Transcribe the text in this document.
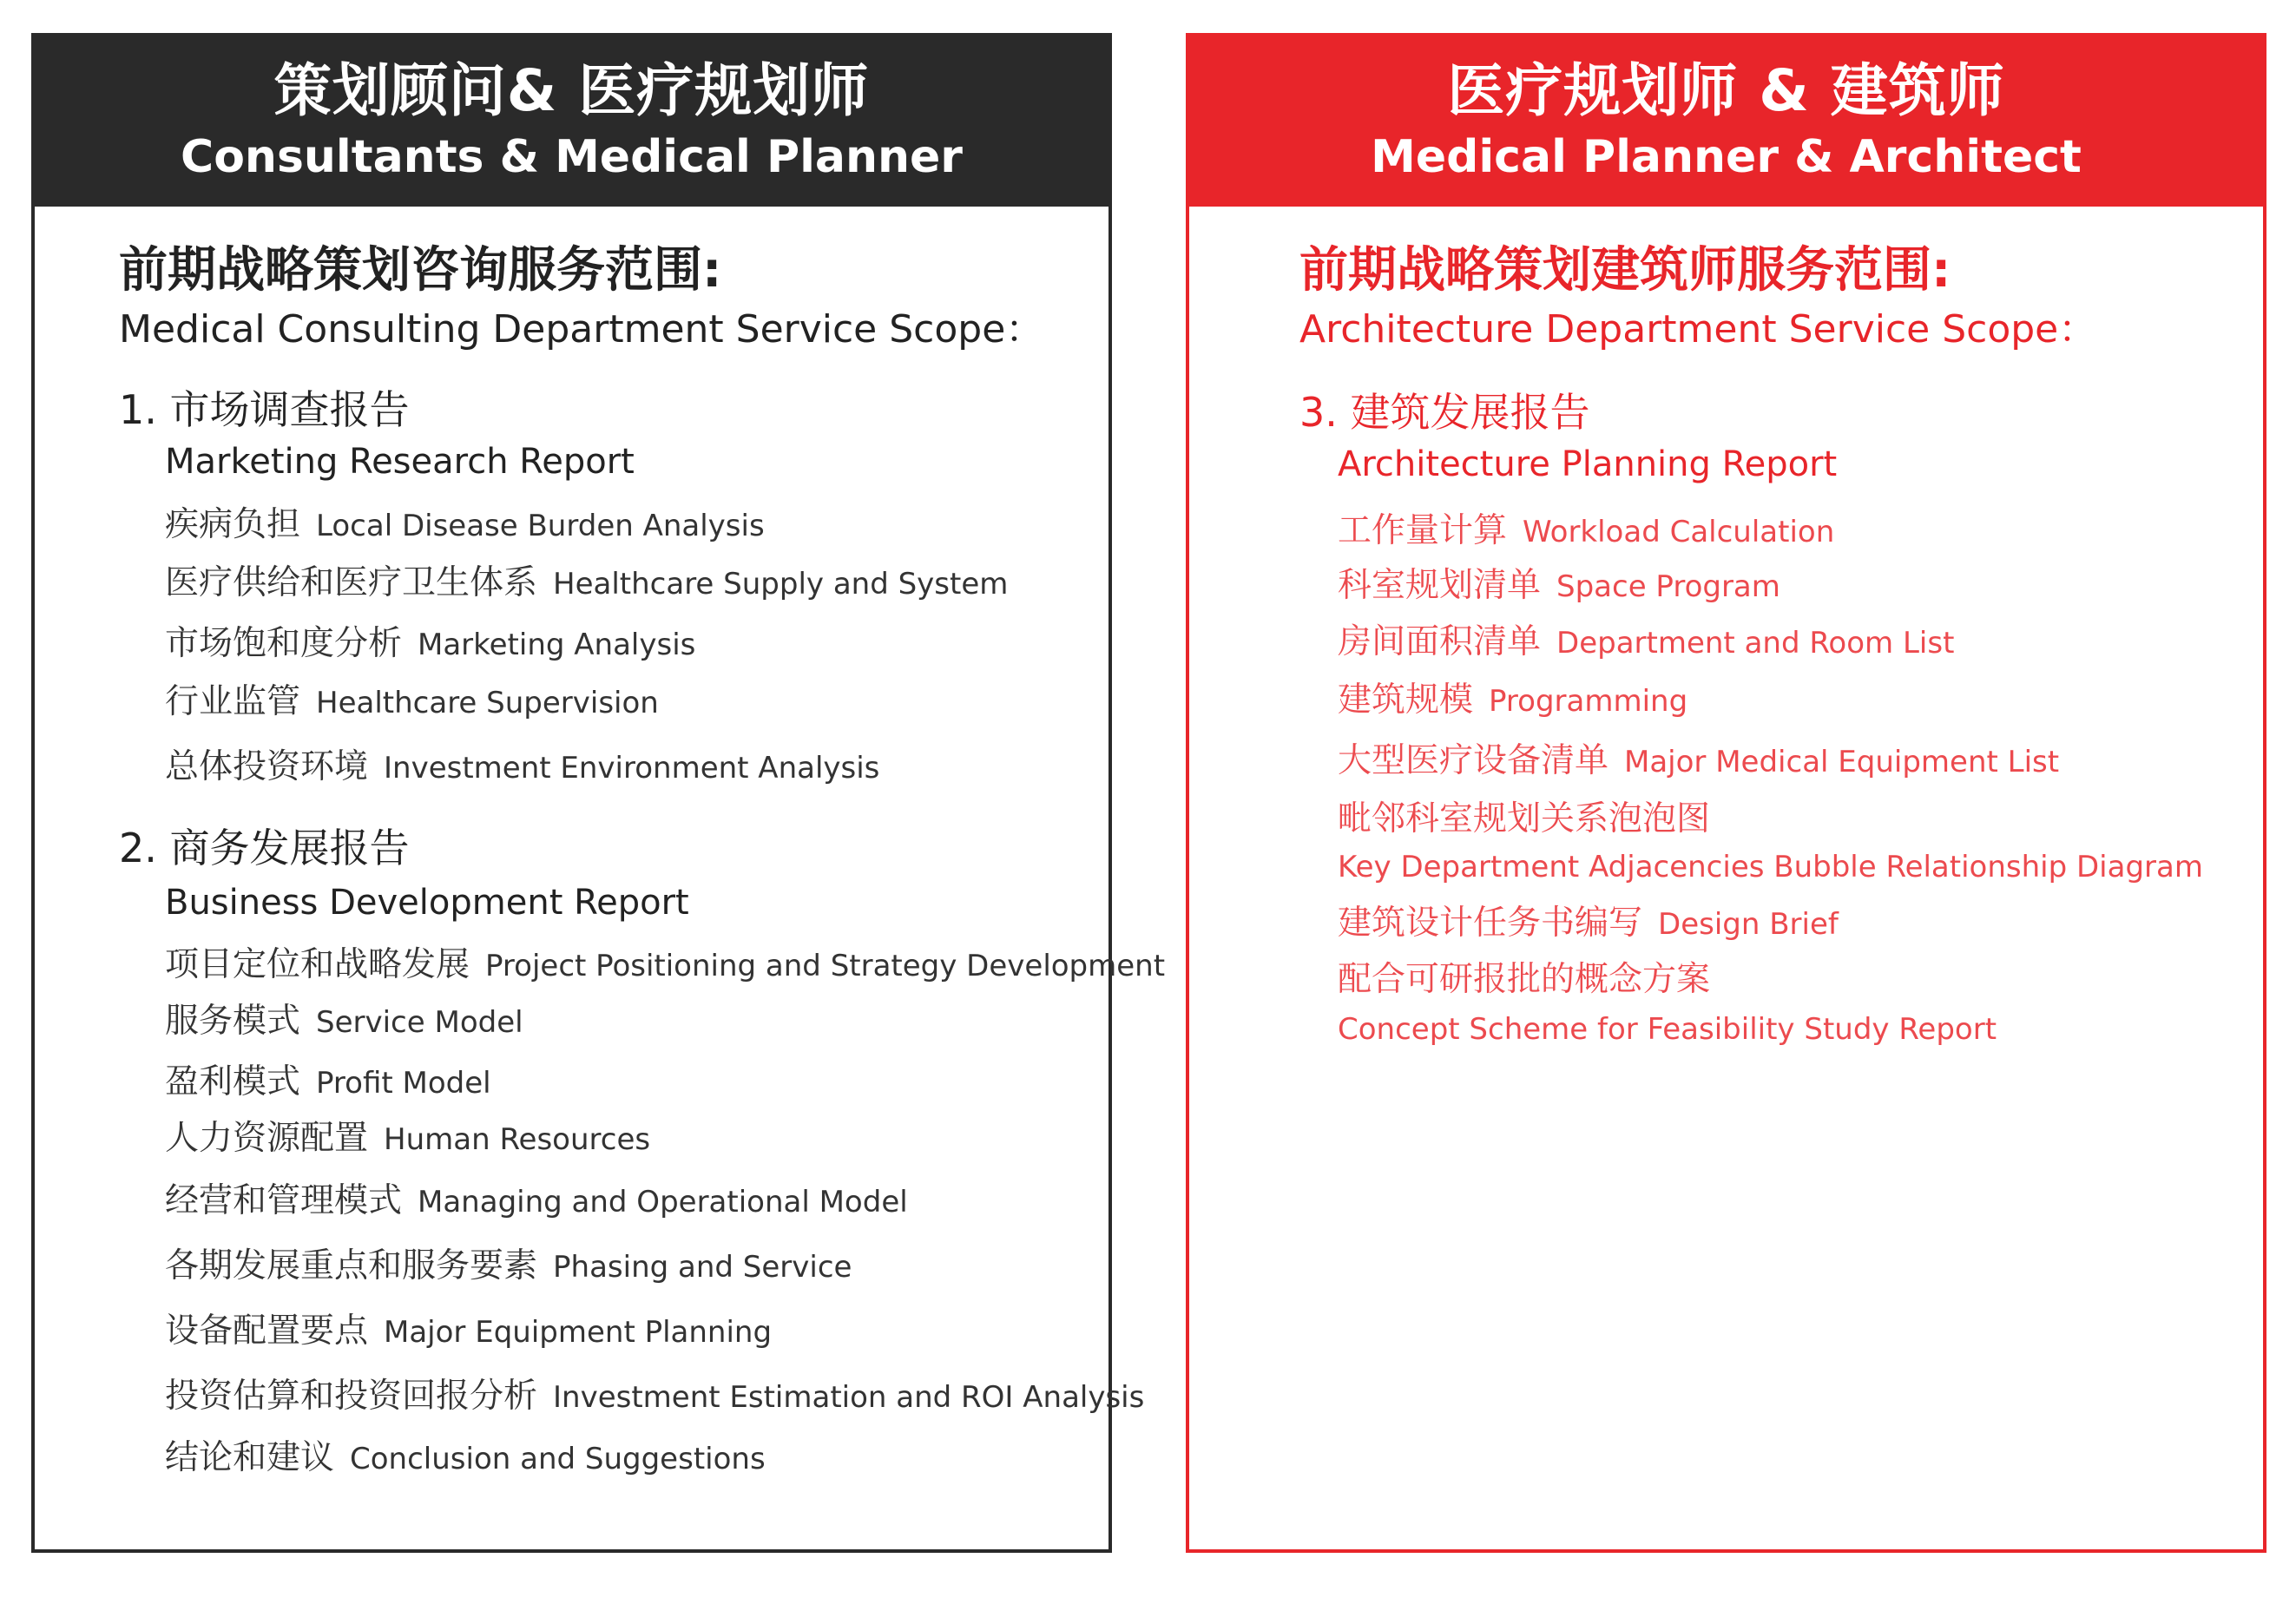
策划顾问& 医疗规划师
Consultants & Medical Planner
前期战略策划咨询服务范围:
Medical Consulting Department Service Scope：
1. 市场调查报告
Marketing Research Report
疾病负担 Local Disease Burden Analysis
医疗供给和医疗卫生体系 Healthcare Supply and System
市场饱和度分析 Marketing Analysis
行业监管 Healthcare Supervision
总体投资环境 Investment Environment Analysis
2. 商务发展报告
Business Development Report
项目定位和战略发展 Project Positioning and Strategy Development
服务模式 Service Model
盈利模式 Profit Model
人力资源配置 Human Resources
经营和管理模式 Managing and Operational Model
各期发展重点和服务要素 Phasing and Service
设备配置要点 Major Equipment Planning
投资估算和投资回报分析 Investment Estimation and ROI Analysis
结论和建议 Conclusion and Suggestions
医疗规划师 & 建筑师
Medical Planner & Architect
前期战略策划建筑师服务范围:
Architecture Department Service Scope：
3. 建筑发展报告
Architecture Planning Report
工作量计算 Workload Calculation
科室规划清单 Space Program
房间面积清单 Department and Room List
建筑规模 Programming
大型医疗设备清单 Major Medical Equipment List
毗邻科室规划关系泡泡图
Key Department Adjacencies Bubble Relationship Diagram
建筑设计任务书编写 Design Brief
配合可研报批的概念方案
Concept Scheme for Feasibility Study Report
